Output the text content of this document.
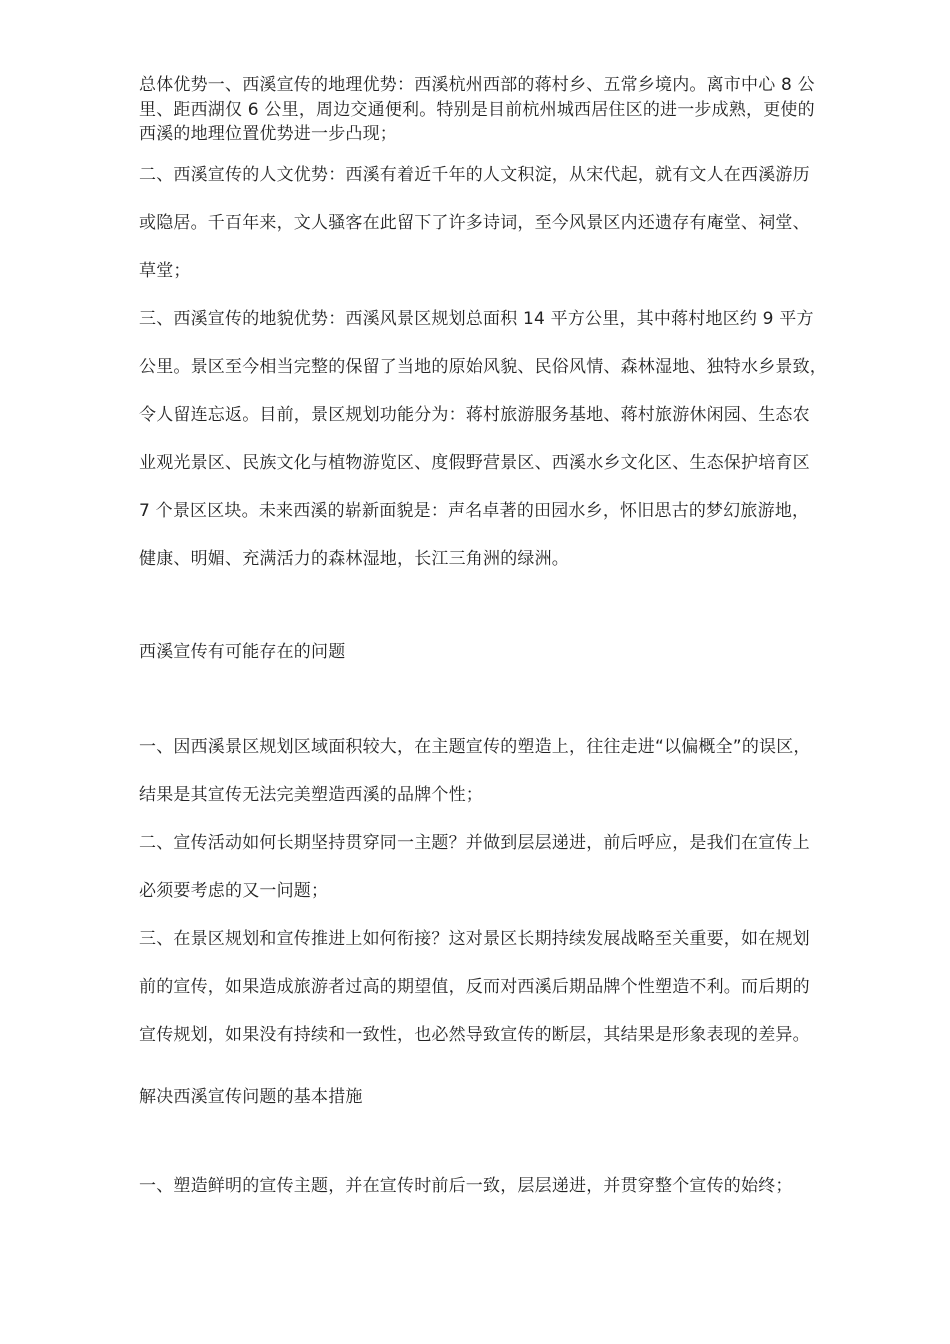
总体优势一、西溪宣传的地理优势：西溪杭州西部的蒋村乡、五常乡境内。离市中心 8 公
里、距西湖仅 6 公里，周边交通便利。特别是目前杭州城西居住区的进一步成熟，更使的
西溪的地理位置优势进一步凸现；
二、西溪宣传的人文优势：西溪有着近千年的人文积淀，从宋代起，就有文人在西溪游历
或隐居。千百年来，文人骚客在此留下了许多诗词，至今风景区内还遗存有庵堂、祠堂、
草堂；
三、西溪宣传的地貌优势：西溪风景区规划总面积 14 平方公里，其中蒋村地区约 9 平方
公里。景区至今相当完整的保留了当地的原始风貌、民俗风情、森林湿地、独特水乡景致，
令人留连忘返。目前，景区规划功能分为：蒋村旅游服务基地、蒋村旅游休闲园、生态农
业观光景区、民族文化与植物游览区、度假野营景区、西溪水乡文化区、生态保护培育区
7 个景区区块。未来西溪的崭新面貌是：声名卓著的田园水乡，怀旧思古的梦幻旅游地，
健康、明媚、充满活力的森林湿地，长江三角洲的绿洲。
西溪宣传有可能存在的问题
一、因西溪景区规划区域面积较大，在主题宣传的塑造上，往往走进“以偏概全”的误区，
结果是其宣传无法完美塑造西溪的品牌个性；
二、宣传活动如何长期坚持贯穿同一主题？并做到层层递进，前后呼应，是我们在宣传上
必须要考虑的又一问题；
三、在景区规划和宣传推进上如何衔接？这对景区长期持续发展战略至关重要，如在规划
前的宣传，如果造成旅游者过高的期望值，反而对西溪后期品牌个性塑造不利。而后期的
宣传规划，如果没有持续和一致性，也必然导致宣传的断层，其结果是形象表现的差异。
解决西溪宣传问题的基本措施
一、塑造鲜明的宣传主题，并在宣传时前后一致，层层递进，并贯穿整个宣传的始终；
